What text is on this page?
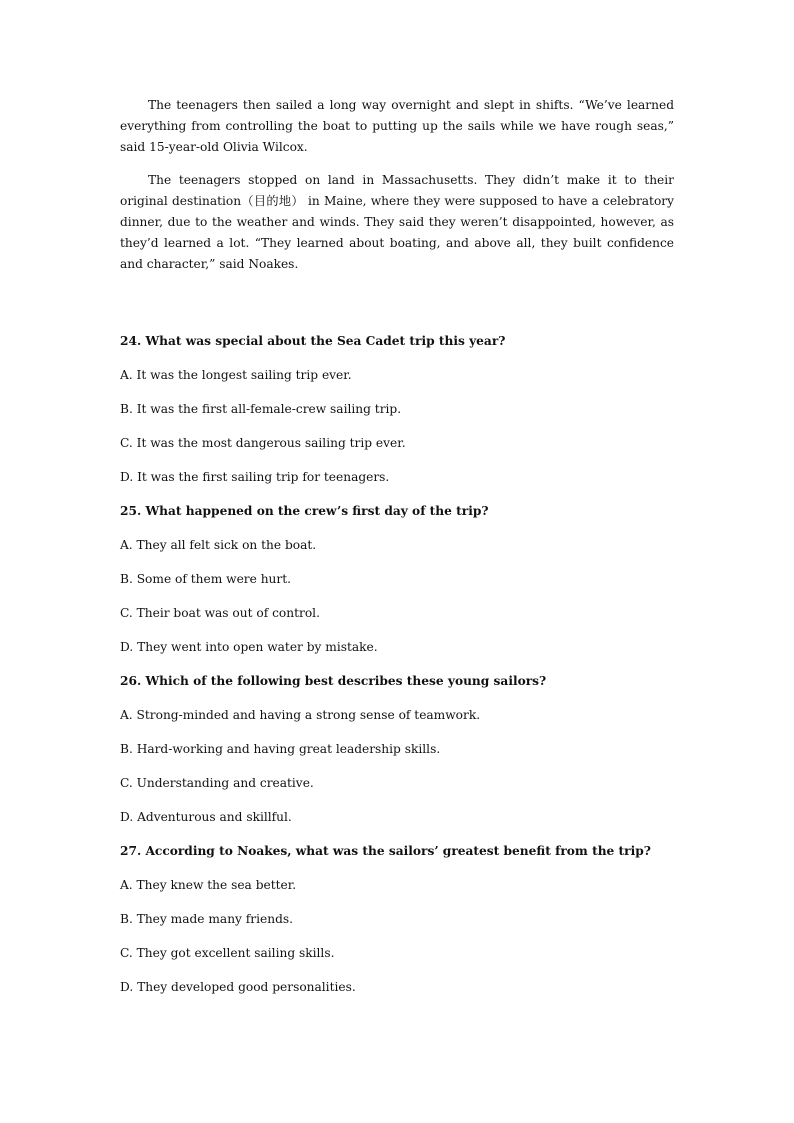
The teenagers then sailed a long way overnight and slept in shifts. “We’ve learned everything from controlling the boat to putting up the sails while we have rough seas,” said 15-year-old Olivia Wilcox.

The teenagers stopped on land in Massachusetts. They didn’t make it to their original destination（目的地） in Maine, where they were supposed to have a celebratory dinner, due to the weather and winds. They said they weren’t disappointed, however, as they’d learned a lot. “They learned about boating, and above all, they built confidence and character,” said Noakes.

24. What was special about the Sea Cadet trip this year?

A. It was the longest sailing trip ever.

B. It was the first all-female-crew sailing trip.

C. It was the most dangerous sailing trip ever.

D. It was the first sailing trip for teenagers.

25. What happened on the crew’s first day of the trip?

A. They all felt sick on the boat.

B. Some of them were hurt.

C. Their boat was out of control.

D. They went into open water by mistake.

26. Which of the following best describes these young sailors?

A. Strong-minded and having a strong sense of teamwork.

B. Hard-working and having great leadership skills.

C. Understanding and creative.

D. Adventurous and skillful.

27. According to Noakes, what was the sailors’ greatest benefit from the trip?

A. They knew the sea better.

B. They made many friends.

C. They got excellent sailing skills.

D. They developed good personalities.
